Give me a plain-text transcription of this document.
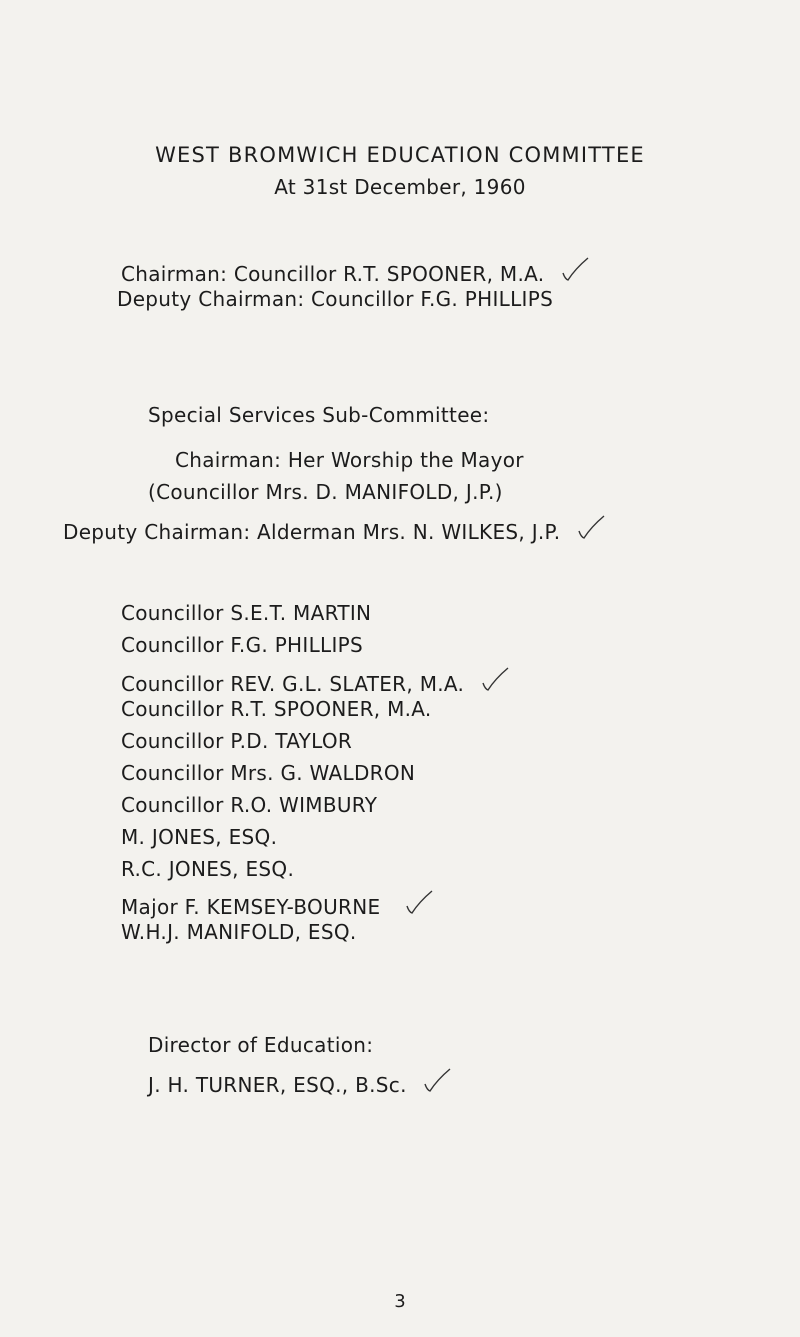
WEST BROMWICH EDUCATION COMMITTEE
At 31st December, 1960
Chairman: Councillor R.T. SPOONER, M.A.
Deputy Chairman: Councillor F.G. PHILLIPS
Special Services Sub-Committee:
Chairman: Her Worship the Mayor
(Councillor Mrs. D. MANIFOLD, J.P.)
Deputy Chairman: Alderman Mrs. N. WILKES, J.P.
Councillor S.E.T. MARTIN
Councillor F.G. PHILLIPS
Councillor REV. G.L. SLATER, M.A.
Councillor R.T. SPOONER, M.A.
Councillor P.D. TAYLOR
Councillor Mrs. G. WALDRON
Councillor R.O. WIMBURY
M. JONES, ESQ.
R.C. JONES, ESQ.
Major F. KEMSEY-BOURNE
W.H.J. MANIFOLD, ESQ.
Director of Education:
J. H. TURNER, ESQ., B.Sc.
3
